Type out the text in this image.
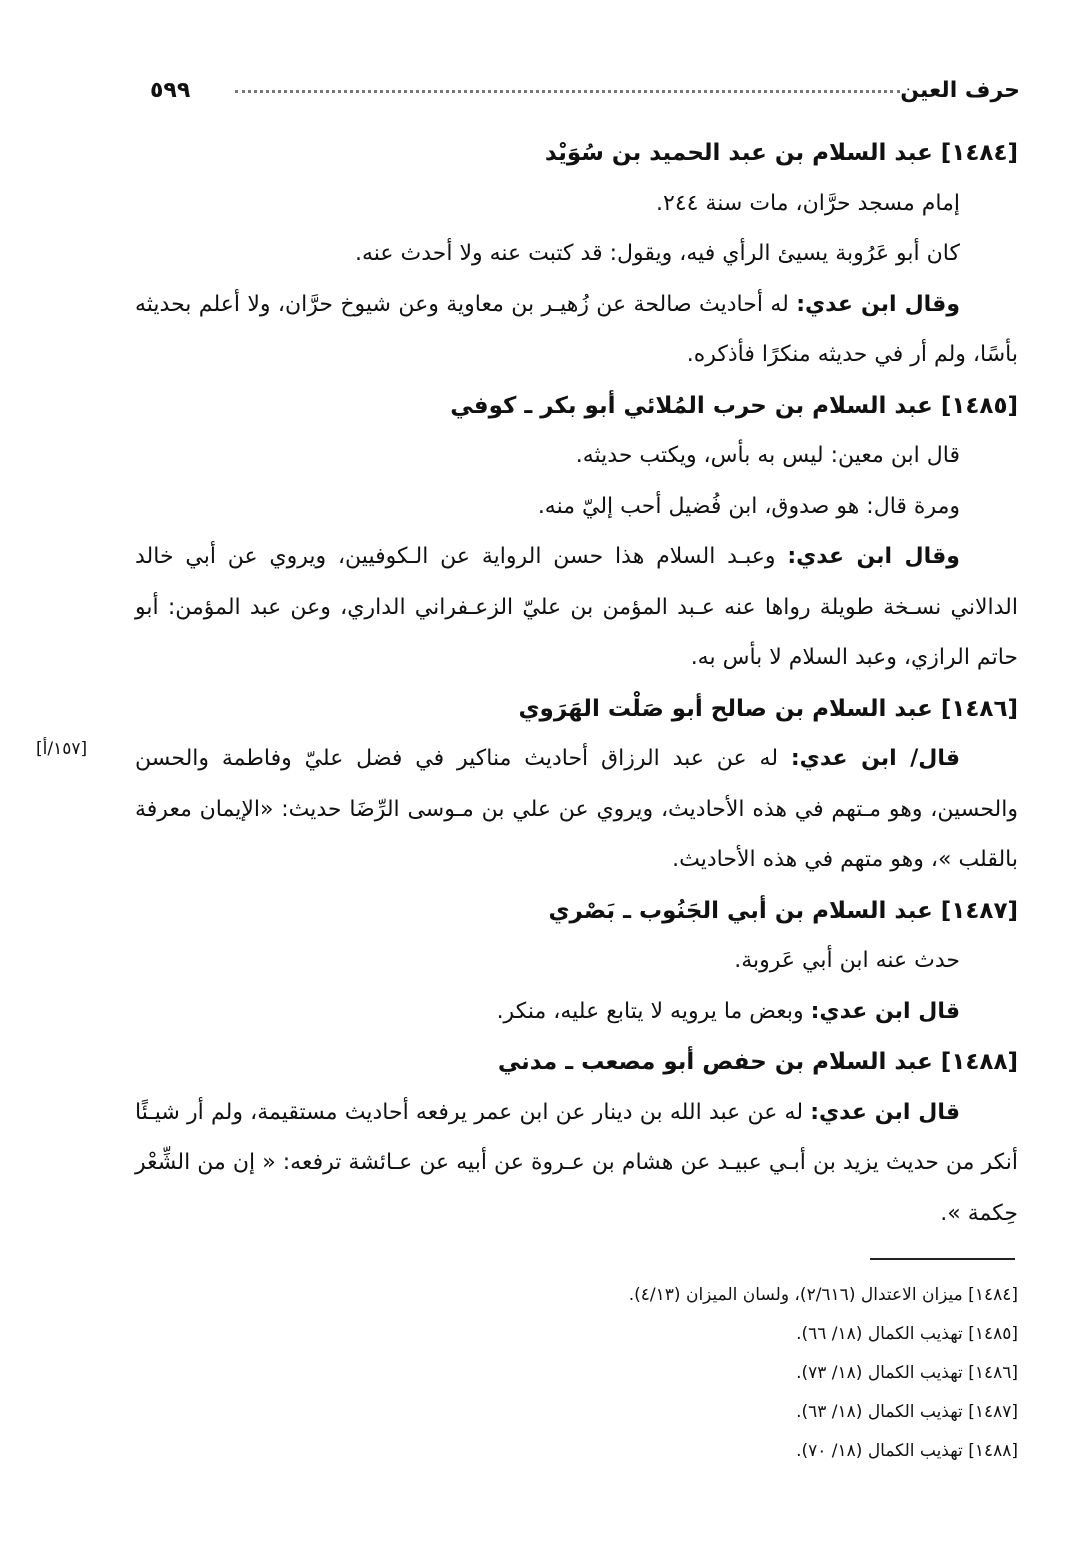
حرف العين
٥٩٩
[١٥٧/أ]

[١٤٨٤] عبد السلام بن عبد الحميد بن سُوَيْد

إمام مسجد حرَّان، مات سنة ٢٤٤.

كان أبو عَرُوبة يسيئ الرأي فيه، ويقول: قد كتبت عنه ولا أحدث عنه.

وقال ابن عدي: له أحاديث صالحة عن زُهيـر بن معاوية وعن شيوخ حرَّان، ولا أعلم بحديثه بأسًا، ولم أر في حديثه منكرًا فأذكره.

[١٤٨٥] عبد السلام بن حرب المُلائي أبو بكر ـ كوفي

قال ابن معين: ليس به بأس، ويكتب حديثه.

ومرة قال: هو صدوق، ابن فُضيل أحب إليّ منه.

وقال ابن عدي: وعبـد السلام هذا حسن الرواية عن الـكوفيين، ويروي عن أبي خالد الدالاني نسـخة طويلة رواها عنه عـبد المؤمن بن عليّ الزعـفراني الداري، وعن عبد المؤمن: أبو حاتم الرازي، وعبد السلام لا بأس به.

[١٤٨٦] عبد السلام بن صالح أبو صَلْت الهَرَوي

قال/ ابن عدي: له عن عبد الرزاق أحاديث مناكير في فضل عليّ وفاطمة والحسن والحسين، وهو مـتهم في هذه الأحاديث، ويروي عن علي بن مـوسى الرِّضَا حديث: «الإيمان معرفة بالقلب »، وهو متهم في هذه الأحاديث.

[١٤٨٧] عبد السلام بن أبي الجَنُوب ـ بَصْري

حدث عنه ابن أبي عَروبة.

قال ابن عدي: وبعض ما يرويه لا يتابع عليه، منكر.

[١٤٨٨] عبد السلام بن حفص أبو مصعب ـ مدني

قال ابن عدي: له عن عبد الله بن دينار عن ابن عمر يرفعه أحاديث مستقيمة، ولم أر شيـئًا أنكر من حديث يزيد بن أبـي عبيـد عن هشام بن عـروة عن أبيه عن عـائشة ترفعه: « إن من الشِّعْر حِكمة ».

[١٤٨٤] ميزان الاعتدال (٢/٦١٦)، ولسان الميزان (٤/١٣).
[١٤٨٥] تهذيب الكمال (١٨/ ٦٦).
[١٤٨٦] تهذيب الكمال (١٨/ ٧٣).
[١٤٨٧] تهذيب الكمال (١٨/ ٦٣).
[١٤٨٨] تهذيب الكمال (١٨/ ٧٠).
